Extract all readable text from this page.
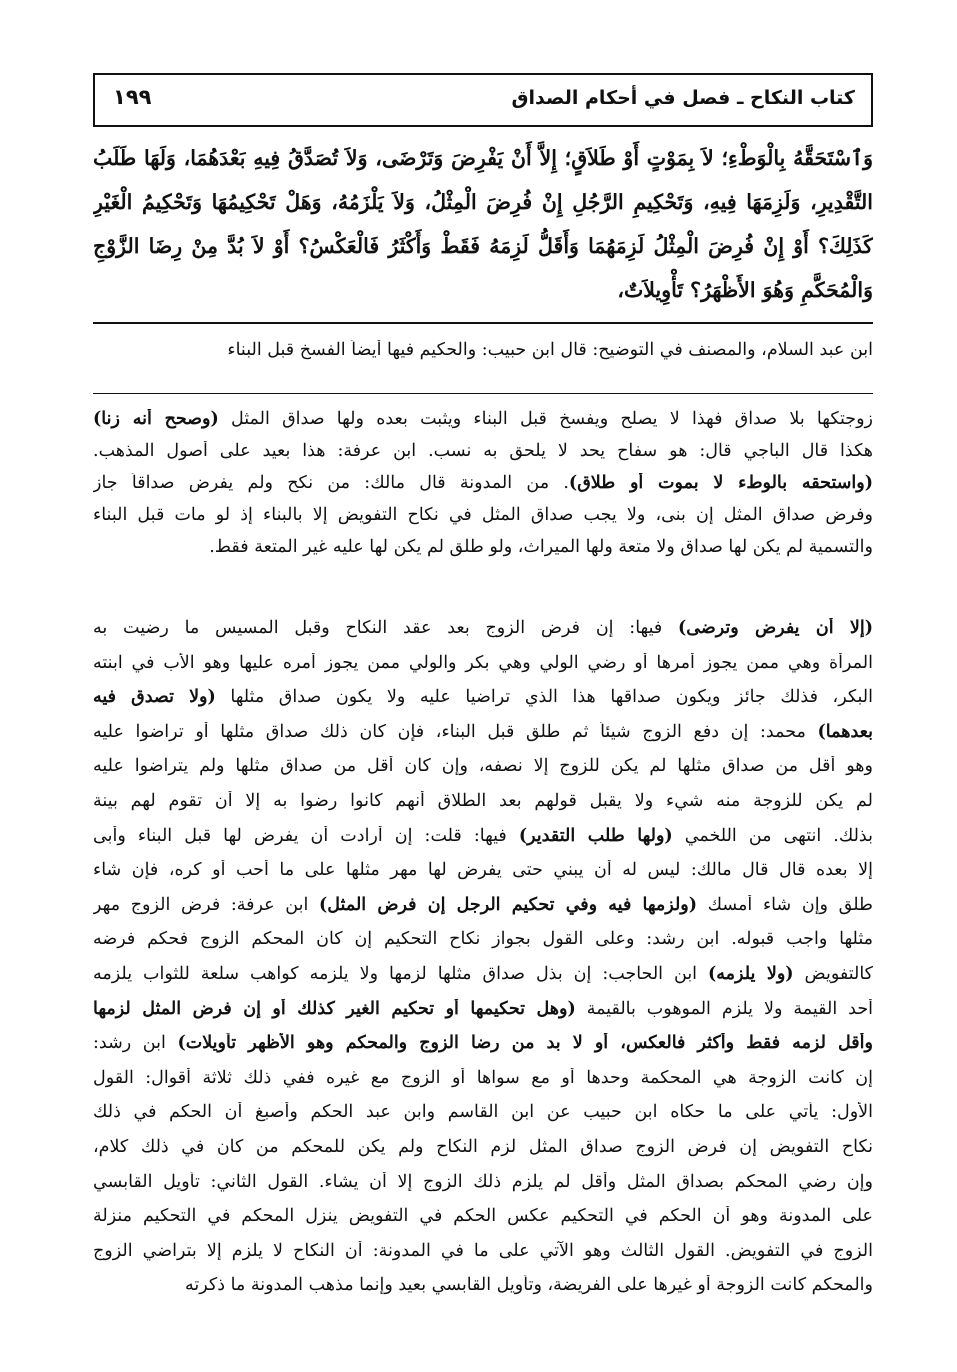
كتاب النكاح ـ فصل في أحكام الصداق
١٩٩
وَٱسْتَحَقَّهُ بِالْوَطْءِ؛ لاَ بِمَوْتٍ أَوْ طَلاَقٍ؛ إِلاَّ أَنْ يَفْرِضَ وَتَرْضَى، وَلاَ تُصَدَّقُ فِيهِ بَعْدَهُمَا، وَلَهَا طَلَبُ
التَّقْدِيرِ، وَلَزِمَهَا فِيهِ، وَتَحْكِيمِ الرَّجُلِ إِنْ فُرِضَ الْمِثْلُ، وَلاَ يَلْزَمُهُ، وَهَلْ تَحْكِيمُهَا وَتَحْكِيمُ الْغَيْرِ
كَذَلِكَ؟ أَوْ إِنْ فُرِضَ الْمِثْلُ لَزِمَهُمَا وَأَقَلُّ لَزِمَهُ فَقَطْ وَأَكْثَرُ فَالْعَكْسُ؟ أَوْ لاَ بُدَّ مِنْ رِضَا الزَّوْجِ
وَالْمُحَكَّمِ وَهُوَ الأَظْهَرُ؟ تَأْوِيلاَتٌ،
ابن عبد السلام، والمصنف في التوضيح: قال ابن حبيب: والحكيم فيها أيضاً الفسخ قبل البناء
زوجتكها بلا صداق فهذا لا يصلح ويفسخ قبل البناء ويثبت بعده ولها صداق المثل (وصحح أنه زنا)
هكذا قال الباجي قال: هو سفاح يحد لا يلحق به نسب. ابن عرفة: هذا بعيد على أصول المذهب.
(واستحقه بالوطء لا بموت أو طلاق). من المدونة قال مالك: من نكح ولم يفرض صداقاً جاز
وفرض صداق المثل إن بنى، ولا يجب صداق المثل في نكاح التفويض إلا بالبناء إذ لو مات قبل البناء
والتسمية لم يكن لها صداق ولا متعة ولها الميراث، ولو طلق لم يكن لها عليه غير المتعة فقط.
(إلا أن يفرض وترضى) فيها: إن فرض الزوج بعد عقد النكاح وقبل المسيس ما رضيت به
المرأة وهي ممن يجوز أمرها أو رضي الولي وهي بكر والولي ممن يجوز أمره عليها وهو الأب في ابنته
البكر، فذلك جائز ويكون صداقها هذا الذي تراضيا عليه ولا يكون صداق مثلها (ولا تصدق فيه
بعدهما) محمد: إن دفع الزوج شيئاً ثم طلق قبل البناء، فإن كان ذلك صداق مثلها أو تراضوا عليه
وهو أقل من صداق مثلها لم يكن للزوج إلا نصفه، وإن كان أقل من صداق مثلها ولم يتراضوا عليه
لم يكن للزوجة منه شيء ولا يقبل قولهم بعد الطلاق أنهم كانوا رضوا به إلا أن تقوم لهم بينة
بذلك. انتهى من اللخمي (ولها طلب التقدير) فيها: قلت: إن أرادت أن يفرض لها قبل البناء وأبى
إلا بعده قال قال مالك: ليس له أن يبني حتى يفرض لها مهر مثلها على ما أحب أو كره، فإن شاء
طلق وإن شاء أمسك (ولزمها فيه وفي تحكيم الرجل إن فرض المثل) ابن عرفة: فرض الزوج مهر
مثلها واجب قبوله. ابن رشد: وعلى القول بجواز نكاح التحكيم إن كان المحكم الزوج فحكم فرضه
كالتفويض (ولا يلزمه) ابن الحاجب: إن بذل صداق مثلها لزمها ولا يلزمه كواهب سلعة للثواب يلزمه
أحد القيمة ولا يلزم الموهوب بالقيمة (وهل تحكيمها أو تحكيم الغير كذلك أو إن فرض المثل لزمها
وأقل لزمه فقط وأكثر فالعكس، أو لا بد من رضا الزوج والمحكم وهو الأظهر تأويلات) ابن رشد:
إن كانت الزوجة هي المحكمة وحدها أو مع سواها أو الزوج مع غيره ففي ذلك ثلاثة أقوال: القول
الأول: يأتي على ما حكاه ابن حبيب عن ابن القاسم وابن عبد الحكم وأصبغ أن الحكم في ذلك
نكاح التفويض إن فرض الزوج صداق المثل لزم النكاح ولم يكن للمحكم من كان في ذلك كلام،
وإن رضي المحكم بصداق المثل وأقل لم يلزم ذلك الزوج إلا أن يشاء. القول الثاني: تأويل القابسي
على المدونة وهو أن الحكم في التحكيم عكس الحكم في التفويض ينزل المحكم في التحكيم منزلة
الزوج في التفويض. القول الثالث وهو الآتي على ما في المدونة: أن النكاح لا يلزم إلا بتراضي الزوج
والمحكم كانت الزوجة أو غيرها على الفريضة، وتأويل القابسي بعيد وإنما مذهب المدونة ما ذكرته
